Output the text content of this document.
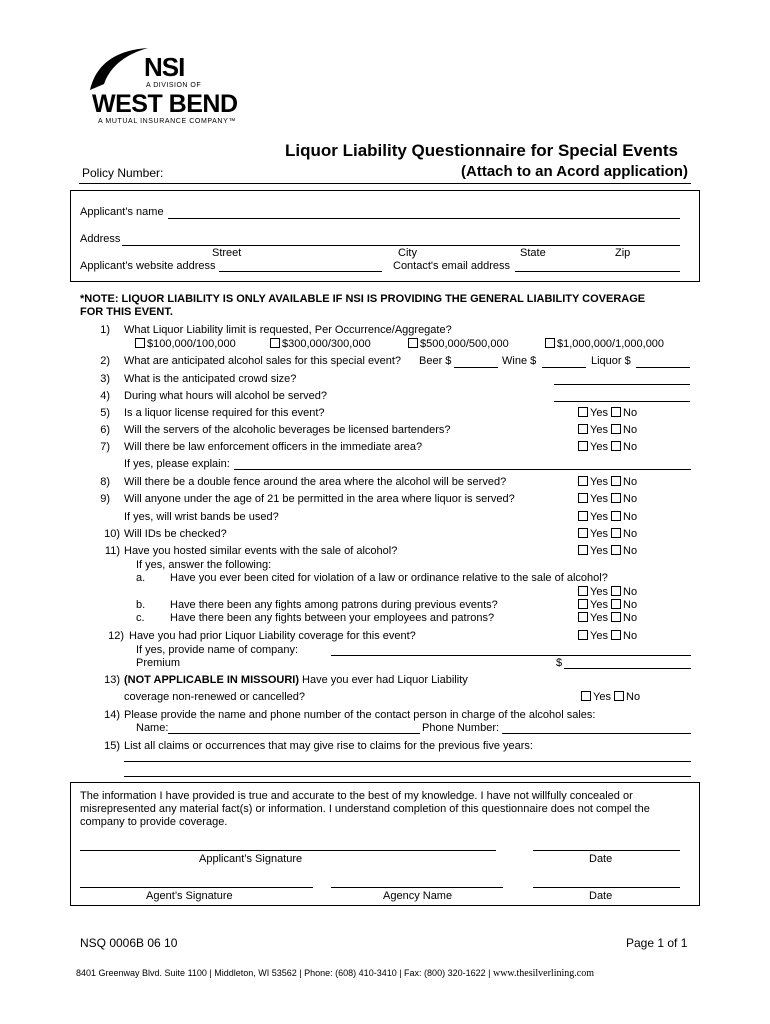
NSI
A DIVISION OF
WEST BEND
A MUTUAL INSURANCE COMPANY™
Liquor Liability Questionnaire for Special Events
Policy Number:	(Attach to an Acord application)
Applicant’s name
Address
Street	City	State	Zip
Applicant’s website address	Contact's email address
*NOTE: LIQUOR LIABILITY IS ONLY AVAILABLE IF NSI IS PROVIDING THE GENERAL LIABILITY COVERAGE
FOR THIS EVENT.
1) What Liquor Liability limit is requested, Per Occurrence/Aggregate?
$100,000/100,000	$300,000/300,000	$500,000/500,000	$1,000,000/1,000,000
2) What are anticipated alcohol sales for this special event? Beer $	Wine $	Liquor $
3) What is the anticipated crowd size?
4) During what hours will alcohol be served?
5) Is a liquor license required for this event?	Yes No
6) Will the servers of the alcoholic beverages be licensed bartenders?	Yes No
7) Will there be law enforcement officers in the immediate area?	Yes No
If yes, please explain:
8) Will there be a double fence around the area where the alcohol will be served?	Yes No
9) Will anyone under the age of 21 be permitted in the area where liquor is served?	Yes No
If yes, will wrist bands be used?	Yes No
10) Will IDs be checked?	Yes No
11) Have you hosted similar events with the sale of alcohol?	Yes No
If yes, answer the following:
a. Have you ever been cited for violation of a law or ordinance relative to the sale of alcohol?
Yes No
b. Have there been any fights among patrons during previous events?	Yes No
c. Have there been any fights between your employees and patrons?	Yes No
12) Have you had prior Liquor Liability coverage for this event?	Yes No
If yes, provide name of company:
Premium	$
13) (NOT APPLICABLE IN MISSOURI) Have you ever had Liquor Liability
coverage non-renewed or cancelled?	Yes No
14) Please provide the name and phone number of the contact person in charge of the alcohol sales:
Name:	Phone Number:
15) List all claims or occurrences that may give rise to claims for the previous five years:
The information I have provided is true and accurate to the best of my knowledge. I have not willfully concealed or
misrepresented any material fact(s) or information. I understand completion of this questionnaire does not compel the
company to provide coverage.
Applicant’s Signature	Date
Agent’s Signature	Agency Name	Date
NSQ 0006B 06 10	Page 1 of 1
8401 Greenway Blvd. Suite 1100 | Middleton, WI 53562 | Phone: (608) 410-3410 | Fax: (800) 320-1622 | www.thesilverlining.com
